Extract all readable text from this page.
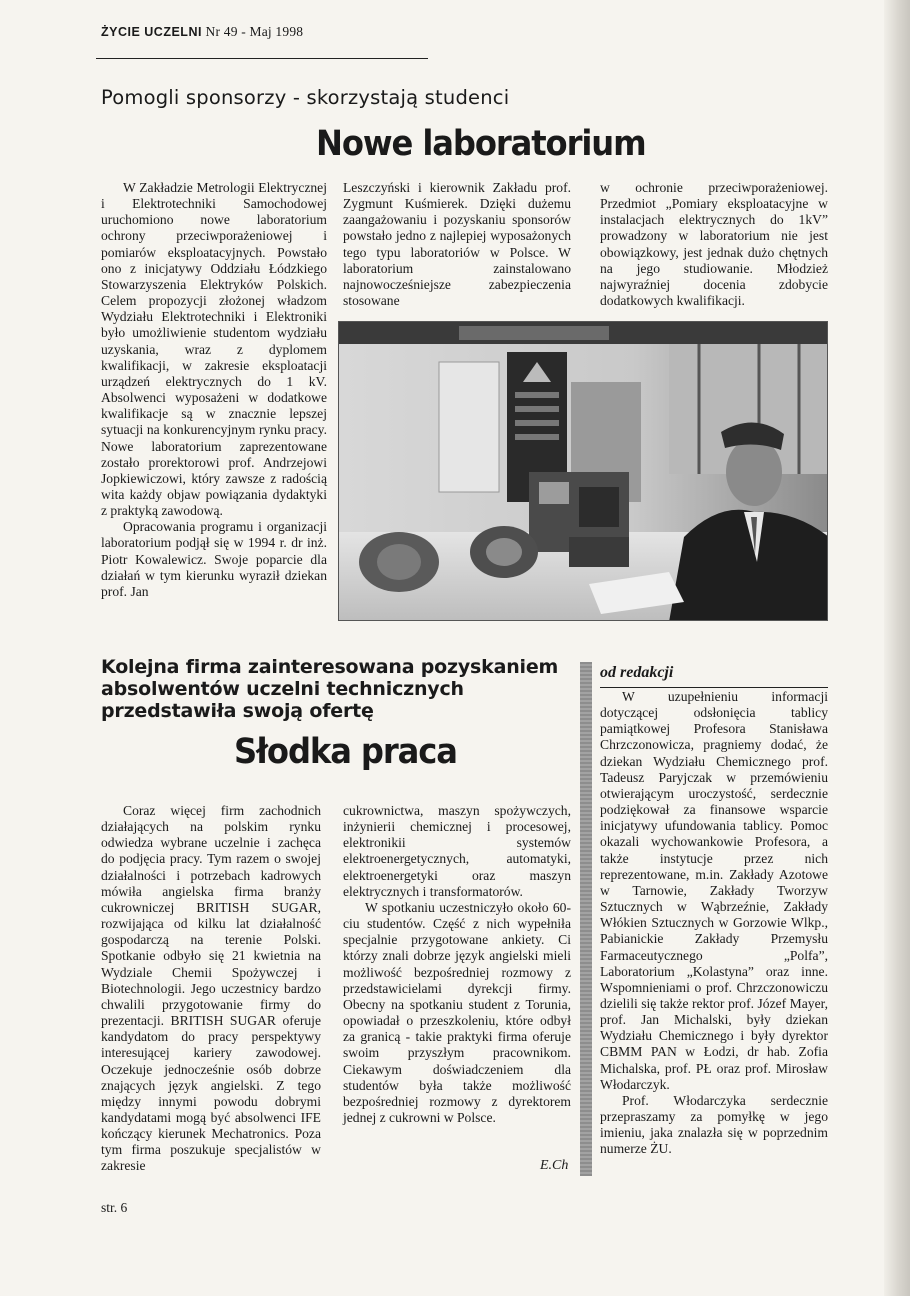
ŻYCIE UCZELNI Nr 49 - Maj 1998
Pomogli sponsorzy - skorzystają studenci
Nowe laboratorium

W Zakładzie Metrologii Elektrycznej i Elektrotechniki Samochodowej uruchomiono nowe laboratorium ochrony przeciwporażeniowej i pomiarów eksploatacyjnych. Powstało ono z inicjatywy Oddziału Łódzkiego Stowarzyszenia Elektryków Polskich. Celem propozycji złożonej władzom Wydziału Elektrotechniki i Elektroniki było umożliwienie studentom wydziału uzyskania, wraz z dyplomem kwalifikacji, w zakresie eksploatacji urządzeń elektrycznych do 1 kV. Absolwenci wyposażeni w dodatkowe kwalifikacje są w znacznie lepszej sytuacji na konkurencyjnym rynku pracy. Nowe laboratorium zaprezentowane zostało prorektorowi prof. Andrzejowi Jopkiewiczowi, który zawsze z radością wita każdy objaw powiązania dydaktyki z praktyką zawodową.

Opracowania programu i organizacji laboratorium podjął się w 1994 r. dr inż. Piotr Kowalewicz. Swoje poparcie dla działań w tym kierunku wyraził dziekan prof. Jan

Leszczyński i kierownik Zakładu prof. Zygmunt Kuśmierek. Dzięki dużemu zaangażowaniu i pozyskaniu sponsorów powstało jedno z najlepiej wyposażonych tego typu laboratoriów w Polsce. W laboratorium zainstalowano najnowocześniejsze zabezpieczenia stosowane

w ochronie przeciwporażeniowej. Przedmiot „Pomiary eksploatacyjne w instalacjach elektrycznych do 1kV” prowadzony w laboratorium nie jest obowiązkowy, jest jednak dużo chętnych na jego studiowanie. Młodzież najwyraźniej docenia zdobycie dodatkowych kwalifikacji.

Kolejna firma zainteresowana pozyskaniem absolwentów uczelni technicznych przedstawiła swoją ofertę
Słodka praca

Coraz więcej firm zachodnich działających na polskim rynku odwiedza wybrane uczelnie i zachęca do podjęcia pracy. Tym razem o swojej działalności i potrzebach kadrowych mówiła angielska firma branży cukrowniczej BRITISH SUGAR, rozwijająca od kilku lat działalność gospodarczą na terenie Polski. Spotkanie odbyło się 21 kwietnia na Wydziale Chemii Spożywczej i Biotechnologii. Jego uczestnicy bardzo chwalili przygotowanie firmy do prezentacji. BRITISH SUGAR oferuje kandydatom do pracy perspektywy interesującej kariery zawodowej. Oczekuje jednocześnie osób dobrze znających język angielski. Z tego między innymi powodu dobrymi kandydatami mogą być absolwenci IFE kończący kierunek Mechatronics. Poza tym firma poszukuje specjalistów w zakresie

cukrownictwa, maszyn spożywczych, inżynierii chemicznej i procesowej, elektronikii systemów elektroenergetycznych, automatyki, elektroenergetyki oraz maszyn elektrycznych i transformatorów.

W spotkaniu uczestniczyło około 60-ciu studentów. Część z nich wypełniła specjalnie przygotowane ankiety. Ci którzy znali dobrze język angielski mieli możliwość bezpośredniej rozmowy z przedstawicielami dyrekcji firmy. Obecny na spotkaniu student z Torunia, opowiadał o przeszkoleniu, które odbył za granicą - takie praktyki firma oferuje swoim przyszłym pracownikom. Ciekawym doświadczeniem dla studentów była także możliwość bezpośredniej rozmowy z dyrektorem jednej z cukrowni w Polsce.

E.Ch
od redakcji

W uzupełnieniu informacji dotyczącej odsłonięcia tablicy pamiątkowej Profesora Stanisława Chrzczonowicza, pragniemy dodać, że dziekan Wydziału Chemicznego prof. Tadeusz Paryjczak w przemówieniu otwierającym uroczystość, serdecznie podziękował za finansowe wsparcie inicjatywy ufundowania tablicy. Pomoc okazali wychowankowie Profesora, a także instytucje przez nich reprezentowane, m.in. Zakłady Azotowe w Tarnowie, Zakłady Tworzyw Sztucznych w Wąbrzeźnie, Zakłady Włókien Sztucznych w Gorzowie Wlkp., Pabianickie Zakłady Przemysłu Farmaceutycznego „Polfa”, Laboratorium „Kolastyna” oraz inne. Wspomnieniami o prof. Chrzczonowiczu dzielili się także rektor prof. Józef Mayer, prof. Jan Michalski, były dziekan Wydziału Chemicznego i były dyrektor CBMM PAN w Łodzi, dr hab. Zofia Michalska, prof. PŁ oraz prof. Mirosław Włodarczyk.

Prof. Włodarczyka serdecznie przepraszamy za pomyłkę w jego imieniu, jaka znalazła się w poprzednim numerze ŻU.

str. 6
